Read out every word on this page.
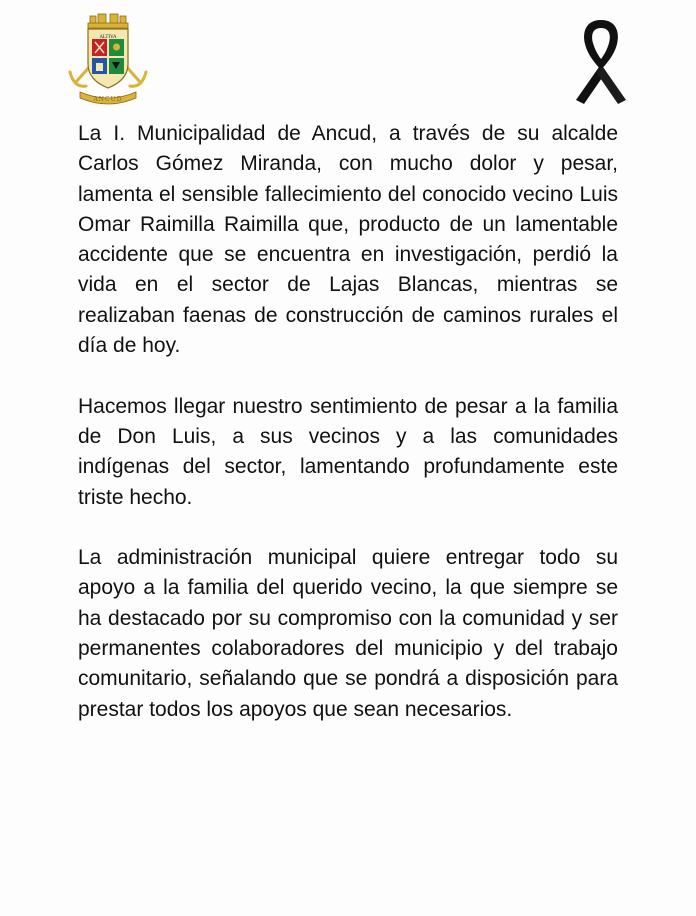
ALTIVA
ANCUD

La I. Municipalidad de Ancud, a través de su alcalde Carlos Gómez Miranda, con mucho dolor y pesar, lamenta el sensible fallecimiento del conocido vecino Luis Omar Raimilla Raimilla que, producto de un lamentable accidente que se encuentra en investigación, perdió la vida en el sector de Lajas Blancas, mientras se realizaban faenas de construcción de caminos rurales el día de hoy.

Hacemos llegar nuestro sentimiento de pesar a la familia de Don Luis, a sus vecinos y a las comunidades indígenas del sector, lamentando profundamente este triste hecho.

La administración municipal quiere entregar todo su apoyo a la familia del querido vecino, la que siempre se ha destacado por su compromiso con la comunidad y ser permanentes colaboradores del municipio y del trabajo comunitario, señalando que se pondrá a disposición para prestar todos los apoyos que sean necesarios.
